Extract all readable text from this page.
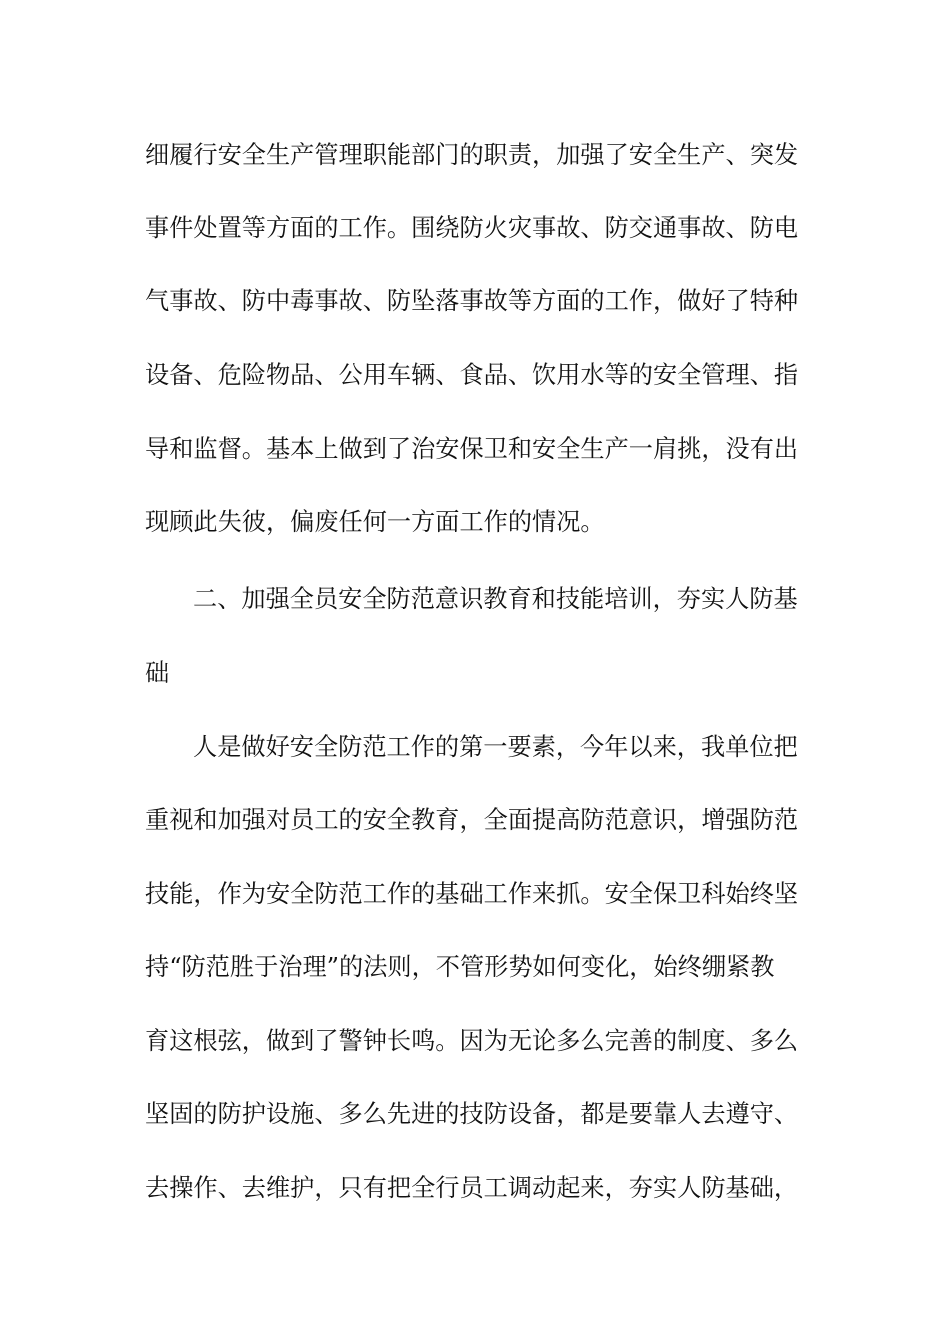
细履行安全生产管理职能部门的职责，加强了安全生产、突发
事件处置等方面的工作。围绕防火灾事故、防交通事故、防电
气事故、防中毒事故、防坠落事故等方面的工作，做好了特种
设备、危险物品、公用车辆、食品、饮用水等的安全管理、指
导和监督。基本上做到了治安保卫和安全生产一肩挑，没有出
现顾此失彼，偏废任何一方面工作的情况。
二、加强全员安全防范意识教育和技能培训，夯实人防基
础
人是做好安全防范工作的第一要素，今年以来，我单位把
重视和加强对员工的安全教育，全面提高防范意识，增强防范
技能，作为安全防范工作的基础工作来抓。安全保卫科始终坚
持“防范胜于治理”的法则，不管形势如何变化，始终绷紧教
育这根弦，做到了警钟长鸣。因为无论多么完善的制度、多么
坚固的防护设施、多么先进的技防设备，都是要靠人去遵守、
去操作、去维护，只有把全行员工调动起来，夯实人防基础，
